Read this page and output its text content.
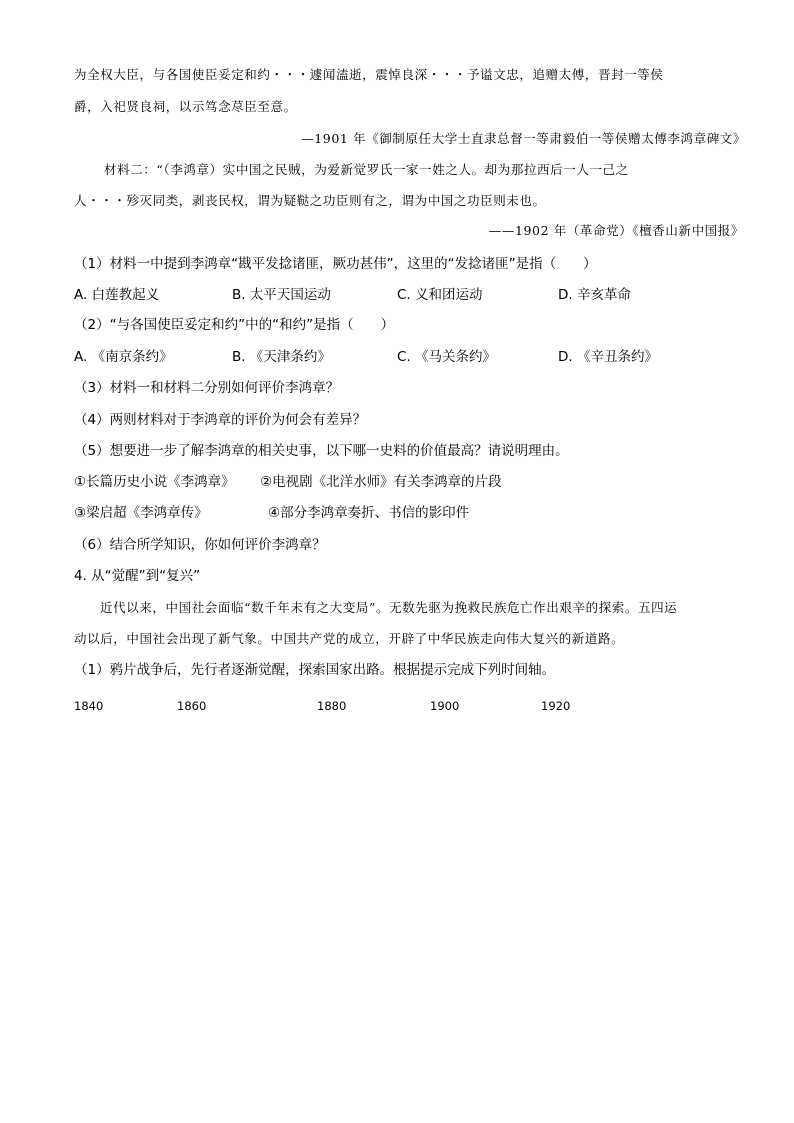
为全权大臣，与各国使臣妥定和约・・・遽闻溘逝，震悼良深・・・予谥文忠，追赠太傅，晋封一等侯
爵，入祀贤良祠，以示笃念荩臣至意。
—1901 年《御制原任大学士直隶总督一等肃毅伯一等侯赠太傅李鸿章碑文》
材料二：“（李鸿章）实中国之民贼，为爱新觉罗氏一家一姓之人。却为那拉西后一人一己之
人・・・殄灭同类，剥丧民权，谓为疑鞑之功臣则有之，谓为中国之功臣则未也。
——1902 年（革命党）《檀香山新中国报》
（1）材料一中提到李鸿章“戡平发捻诸匪，厥功甚伟”，这里的“发捻诸匪”是指（　　）
A. 白莲教起义	B. 太平天国运动	C. 义和团运动	D. 辛亥革命
（2）“与各国使臣妥定和约”中的“和约”是指（　　）
A. 《南京条约》	B. 《天津条约》	C. 《马关条约》	D. 《辛丑条约》
（3）材料一和材料二分别如何评价李鸿章？
（4）两则材料对于李鸿章的评价为何会有差异？
（5）想要进一步了解李鸿章的相关史事，以下哪一史料的价值最高？请说明理由。
①长篇历史小说《李鸿章》 ②电视剧《北洋水师》有关李鸿章的片段
③梁启超《李鸿章传》	④部分李鸿章奏折、书信的影印件
（6）结合所学知识，你如何评价李鸿章？
4. 从“觉醒”到“复兴”
近代以来，中国社会面临“数千年未有之大变局”。无数先驱为挽救民族危亡作出艰辛的探索。五四运
动以后，中国社会出现了新气象。中国共产党的成立，开辟了中华民族走向伟大复兴的新道路。
（1）鸦片战争后，先行者逐渐觉醒，探索国家出路。根据提示完成下列时间轴。
1840	1860	1880	1900	1920
